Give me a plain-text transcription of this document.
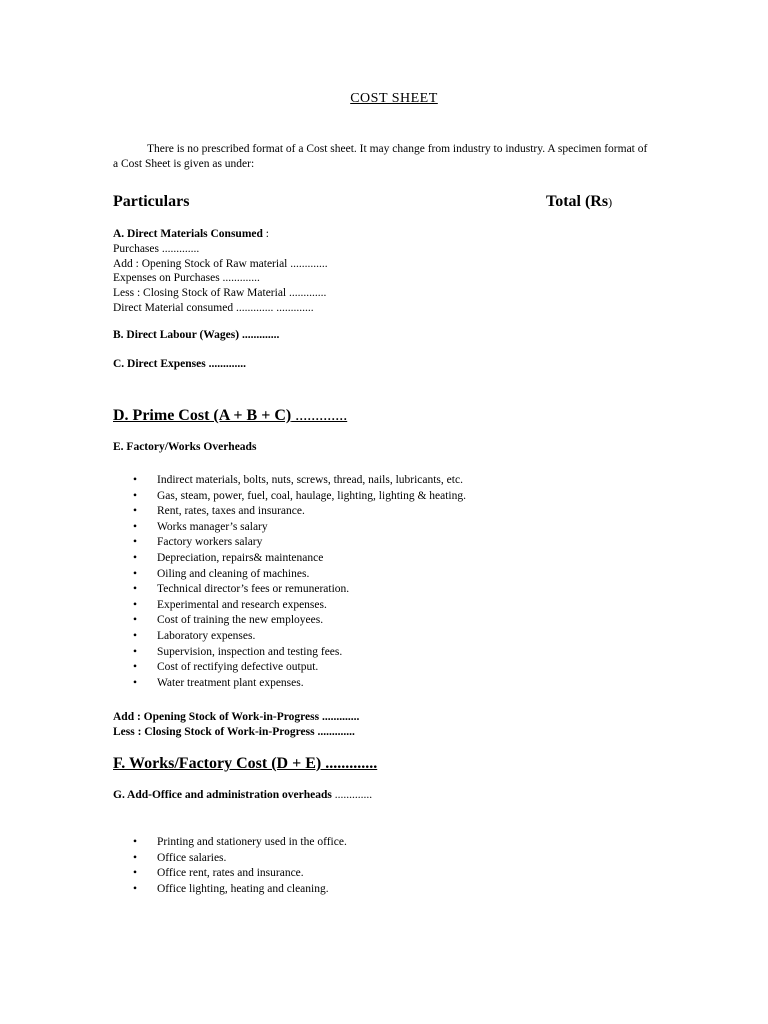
COST SHEET
There is no prescribed format of a Cost sheet. It may change from industry to industry. A specimen format of a Cost Sheet is given as under:
Particulars	Total (Rs)
A. Direct Materials Consumed :
Purchases .............
Add : Opening Stock of Raw material .............
Expenses on Purchases .............
Less : Closing Stock of Raw Material .............
Direct Material consumed ............. .............
B. Direct Labour (Wages) .............
C. Direct Expenses .............
D. Prime Cost (A + B + C) .............
E. Factory/Works Overheads
• Indirect materials, bolts, nuts, screws, thread, nails, lubricants, etc.
• Gas, steam, power, fuel, coal, haulage, lighting, lighting & heating.
• Rent, rates, taxes and insurance.
• Works manager’s salary
• Factory workers salary
• Depreciation, repairs& maintenance
• Oiling and cleaning of machines.
• Technical director’s fees or remuneration.
• Experimental and research expenses.
• Cost of training the new employees.
• Laboratory expenses.
• Supervision, inspection and testing fees.
• Cost of rectifying defective output.
• Water treatment plant expenses.
Add : Opening Stock of Work-in-Progress .............
Less : Closing Stock of Work-in-Progress .............
F. Works/Factory Cost (D + E) .............
G. Add-Office and administration overheads .............
• Printing and stationery used in the office.
• Office salaries.
• Office rent, rates and insurance.
• Office lighting, heating and cleaning.
